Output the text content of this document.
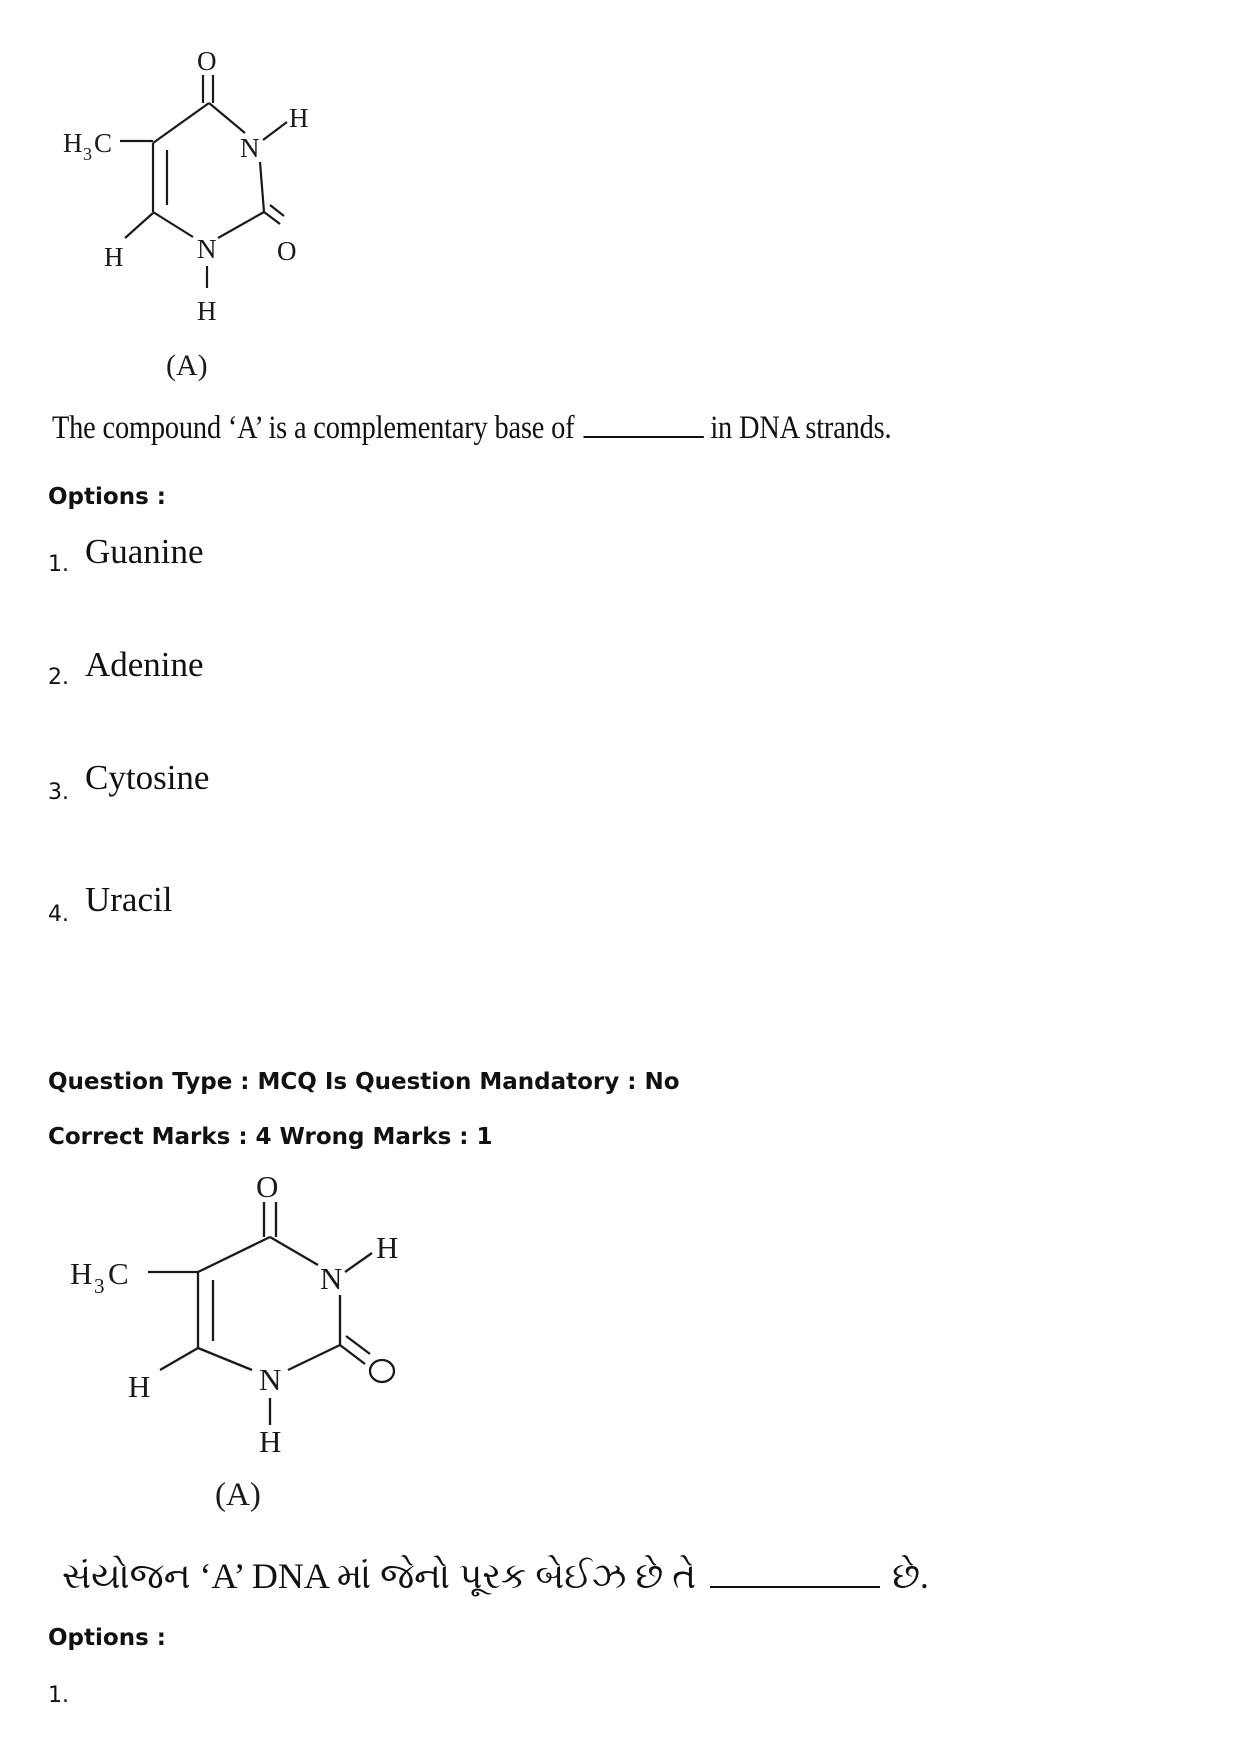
O
H 3 C	N
H
O
H	N
H
(A)
The compound ‘A’ is a complementary base of	in DNA strands.
Options :
1. Guanine
2. Adenine
3. Cytosine
4. Uracil
Question Type : MCQ Is Question Mandatory : No
Correct Marks : 4 Wrong Marks : 1
O
H 3 C	N
H
H	N
H
(A)
સંયોજન ‘A’ DNA માં જેનો પૂરક બેઈઝ છે તે	છે.
Options :
1.
